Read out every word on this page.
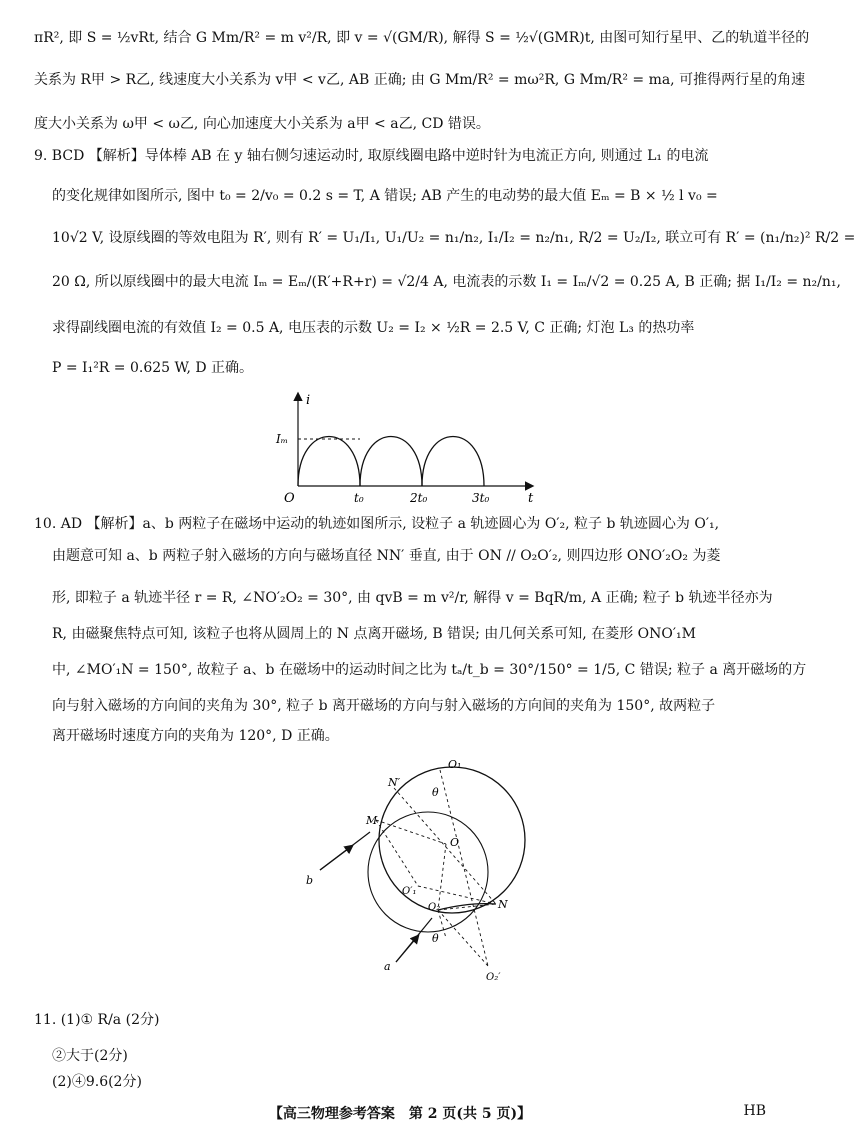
πR², 即 S = ½vRt, 结合 G Mm/R² = m v²/R, 即 v = √(GM/R), 解得 S = ½√(GMR)t, 由图可知行星甲、乙的轨道半径的
关系为 R甲 > R乙, 线速度大小关系为 v甲 < v乙, AB 正确; 由 G Mm/R² = mω²R, G Mm/R² = ma, 可推得两行星的角速
度大小关系为 ω甲 < ω乙, 向心加速度大小关系为 a甲 < a乙, CD 错误。
9. BCD 【解析】导体棒 AB 在 y 轴右侧匀速运动时, 取原线圈电路中逆时针为电流正方向, 则通过 L₁ 的电流
的变化规律如图所示, 图中 t₀ = 2/v₀ = 0.2 s = T, A 错误; AB 产生的电动势的最大值 Eₘ = B × ½ l v₀ =
10√2 V, 设原线圈的等效电阻为 R′, 则有 R′ = U₁/I₁, U₁/U₂ = n₁/n₂, I₁/I₂ = n₂/n₁, R/2 = U₂/I₂, 联立可有 R′ = (n₁/n₂)² R/2 =
20 Ω, 所以原线圈中的最大电流 Iₘ = Eₘ/(R′+R+r) = √2/4 A, 电流表的示数 I₁ = Iₘ/√2 = 0.25 A, B 正确; 据 I₁/I₂ = n₂/n₁,
求得副线圈电流的有效值 I₂ = 0.5 A, 电压表的示数 U₂ = I₂ × ½R = 2.5 V, C 正确; 灯泡 L₃ 的热功率
P = I₁²R = 0.625 W, D 正确。
i
t
Iₘ
O	t₀	2t₀	3t₀
10. AD 【解析】a、b 两粒子在磁场中运动的轨迹如图所示, 设粒子 a 轨迹圆心为 O′₂, 粒子 b 轨迹圆心为 O′₁,
由题意可知 a、b 两粒子射入磁场的方向与磁场直径 NN′ 垂直, 由于 ON // O₂O′₂, 则四边形 ONO′₂O₂ 为菱
形, 即粒子 a 轨迹半径 r = R, ∠NO′₂O₂ = 30°, 由 qvB = m v²/r, 解得 v = BqR/m, A 正确; 粒子 b 轨迹半径亦为
R, 由磁聚焦特点可知, 该粒子也将从圆周上的 N 点离开磁场, B 错误; 由几何关系可知, 在菱形 ONO′₁M
中, ∠MO′₁N = 150°, 故粒子 a、b 在磁场中的运动时间之比为 tₐ/t_b = 30°/150° = 1/5, C 错误; 粒子 a 离开磁场的方
向与射入磁场的方向间的夹角为 30°, 粒子 b 离开磁场的方向与射入磁场的方向间的夹角为 150°, 故两粒子
离开磁场时速度方向的夹角为 120°, D 正确。
O₁
N′
θ
M
O
b
O′₁
O₂	N
θ
a
O₂′
11. (1)① R/a (2分)
②大于(2分)
(2)④9.6(2分)
【高三物理参考答案　第 2 页(共 5 页)】	HB
